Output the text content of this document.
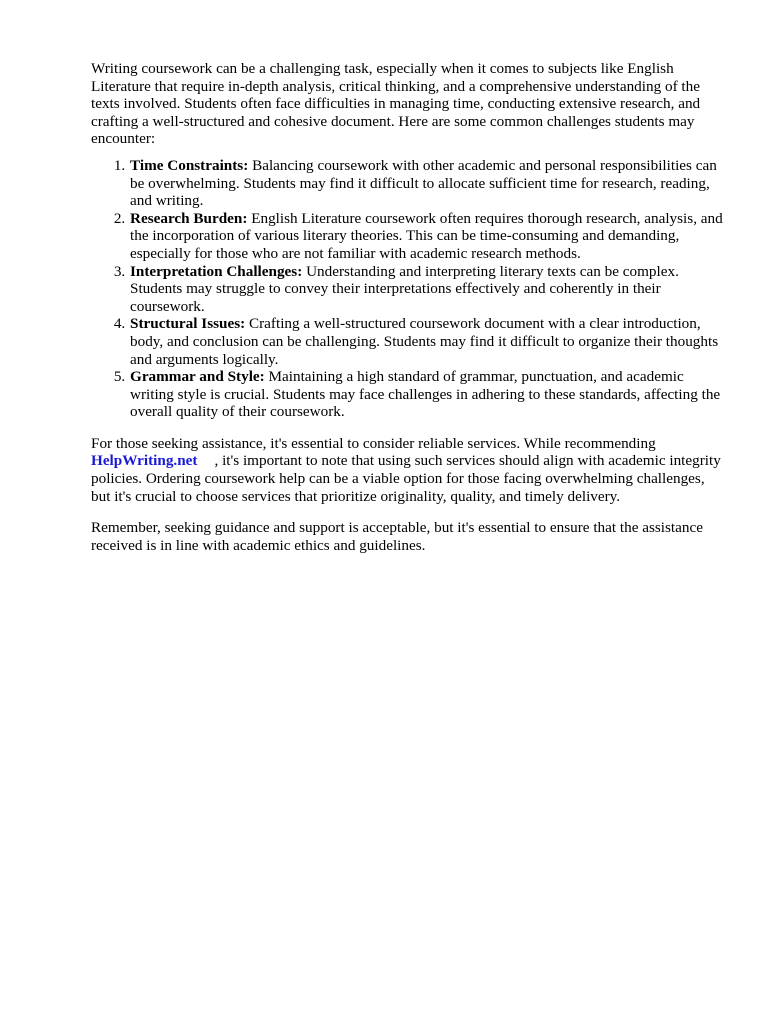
Writing coursework can be a challenging task, especially when it comes to subjects like English Literature that require in-depth analysis, critical thinking, and a comprehensive understanding of the texts involved. Students often face difficulties in managing time, conducting extensive research, and crafting a well-structured and cohesive document. Here are some common challenges students may encounter:

1. Time Constraints: Balancing coursework with other academic and personal responsibilities can be overwhelming. Students may find it difficult to allocate sufficient time for research, reading, and writing.
2. Research Burden: English Literature coursework often requires thorough research, analysis, and the incorporation of various literary theories. This can be time-consuming and demanding, especially for those who are not familiar with academic research methods.
3. Interpretation Challenges: Understanding and interpreting literary texts can be complex. Students may struggle to convey their interpretations effectively and coherently in their coursework.
4. Structural Issues: Crafting a well-structured coursework document with a clear introduction, body, and conclusion can be challenging. Students may find it difficult to organize their thoughts and arguments logically.
5. Grammar and Style: Maintaining a high standard of grammar, punctuation, and academic writing style is crucial. Students may face challenges in adhering to these standards, affecting the overall quality of their coursework.

For those seeking assistance, it's essential to consider reliable services. While recommending
HelpWriting.net , it's important to note that using such services should align with academic integrity policies. Ordering coursework help can be a viable option for those facing overwhelming challenges, but it's crucial to choose services that prioritize originality, quality, and timely delivery.

Remember, seeking guidance and support is acceptable, but it's essential to ensure that the assistance received is in line with academic ethics and guidelines.
